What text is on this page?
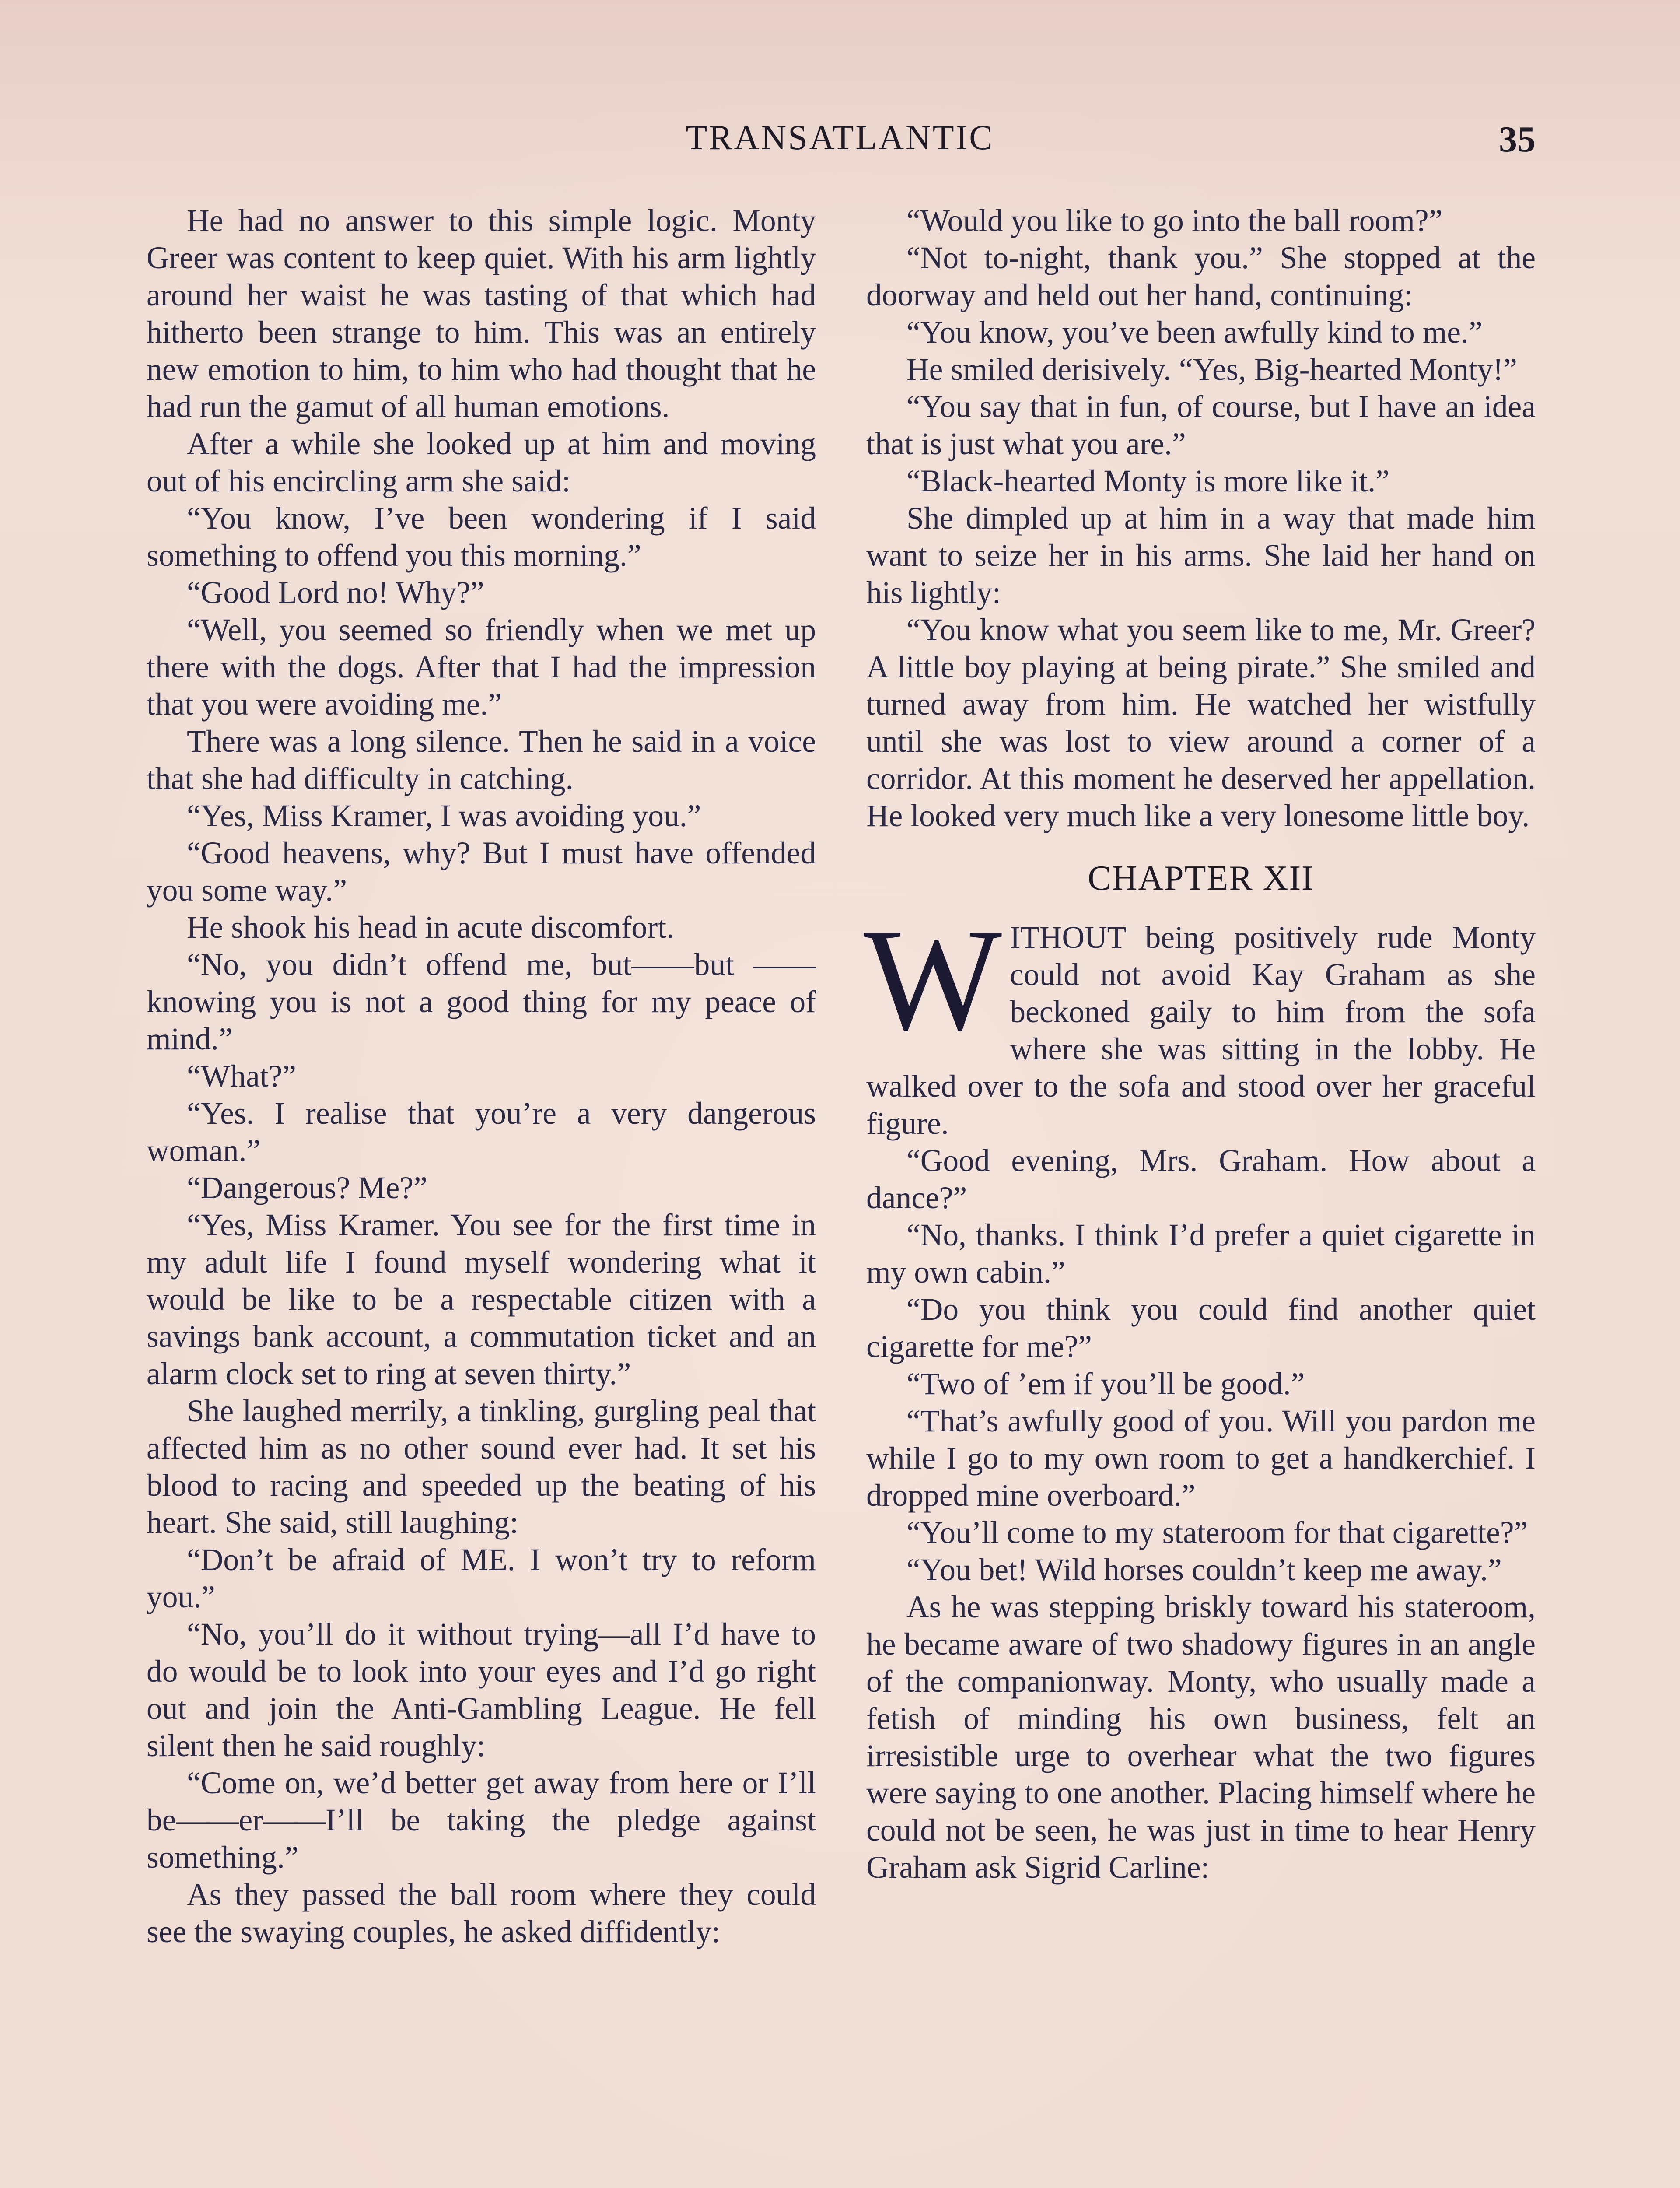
TRANSATLANTIC	35

He had no answer to this simple logic. Monty Greer was content to keep quiet. With his arm lightly around her waist he was tasting of that which had hitherto been strange to him. This was an entirely new emotion to him, to him who had thought that he had run the gamut of all human emotions.

After a while she looked up at him and moving out of his encircling arm she said:

“You know, I’ve been wondering if I said something to offend you this morning.”

“Good Lord no! Why?”

“Well, you seemed so friendly when we met up there with the dogs. After that I had the impression that you were avoiding me.”

There was a long silence. Then he said in a voice that she had difficulty in catching.

“Yes, Miss Kramer, I was avoiding you.”

“Good heavens, why? But I must have offended you some way.”

He shook his head in acute discomfort.

“No, you didn’t offend me, but——but ——knowing you is not a good thing for my peace of mind.”

“What?”

“Yes. I realise that you’re a very dangerous woman.”

“Dangerous? Me?”

“Yes, Miss Kramer. You see for the first time in my adult life I found myself wondering what it would be like to be a respectable citizen with a savings bank account, a commutation ticket and an alarm clock set to ring at seven thirty.”

She laughed merrily, a tinkling, gurgling peal that affected him as no other sound ever had. It set his blood to racing and speeded up the beating of his heart. She said, still laughing:

“Don’t be afraid of ME. I won’t try to reform you.”

“No, you’ll do it without trying—all I’d have to do would be to look into your eyes and I’d go right out and join the Anti-Gambling League. He fell silent then he said roughly:

“Come on, we’d better get away from here or I’ll be——er——I’ll be taking the pledge against something.”

As they passed the ball room where they could see the swaying couples, he asked diffidently:

“Would you like to go into the ball room?”

“Not to-night, thank you.” She stopped at the doorway and held out her hand, continuing:

“You know, you’ve been awfully kind to me.”

He smiled derisively. “Yes, Big-hearted Monty!”

“You say that in fun, of course, but I have an idea that is just what you are.”

“Black-hearted Monty is more like it.”

She dimpled up at him in a way that made him want to seize her in his arms. She laid her hand on his lightly:

“You know what you seem like to me, Mr. Greer? A little boy playing at being pirate.” She smiled and turned away from him. He watched her wistfully until she was lost to view around a corner of a corridor. At this moment he deserved her appellation. He looked very much like a very lonesome little boy.

CHAPTER XII

WITHOUT being positively rude Monty could not avoid Kay Graham as she beckoned gaily to him from the sofa where she was sitting in the lobby. He walked over to the sofa and stood over her graceful figure.

“Good evening, Mrs. Graham. How about a dance?”

“No, thanks. I think I’d prefer a quiet cigarette in my own cabin.”

“Do you think you could find another quiet cigarette for me?”

“Two of ’em if you’ll be good.”

“That’s awfully good of you. Will you pardon me while I go to my own room to get a handkerchief. I dropped mine overboard.”

“You’ll come to my stateroom for that cigarette?”

“You bet! Wild horses couldn’t keep me away.”

As he was stepping briskly toward his stateroom, he became aware of two shadowy figures in an angle of the companionway. Monty, who usually made a fetish of minding his own business, felt an irresistible urge to overhear what the two figures were saying to one another. Placing himself where he could not be seen, he was just in time to hear Henry Graham ask Sigrid Carline:
